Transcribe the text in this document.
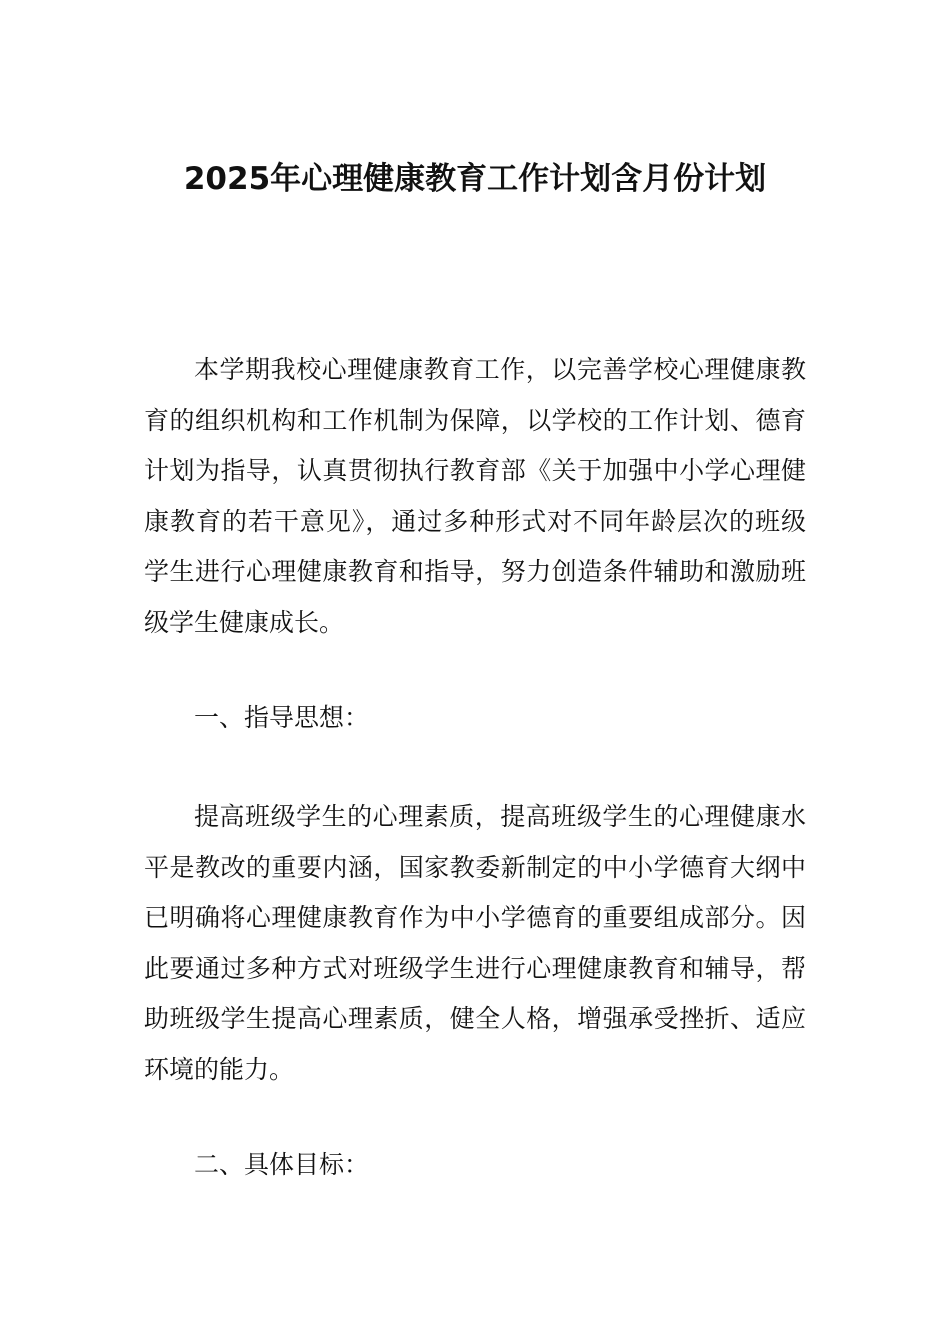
2025年心理健康教育工作计划含月份计划

本学期我校心理健康教育工作，以完善学校心理健康教育的组织机构和工作机制为保障，以学校的工作计划、德育计划为指导，认真贯彻执行教育部《关于加强中小学心理健康教育的若干意见》，通过多种形式对不同年龄层次的班级学生进行心理健康教育和指导，努力创造条件辅助和激励班级学生健康成长。

一、指导思想：

提高班级学生的心理素质，提高班级学生的心理健康水平是教改的重要内涵，国家教委新制定的中小学德育大纲中已明确将心理健康教育作为中小学德育的重要组成部分。因此要通过多种方式对班级学生进行心理健康教育和辅导，帮助班级学生提高心理素质，健全人格，增强承受挫折、适应环境的能力。

二、具体目标：
